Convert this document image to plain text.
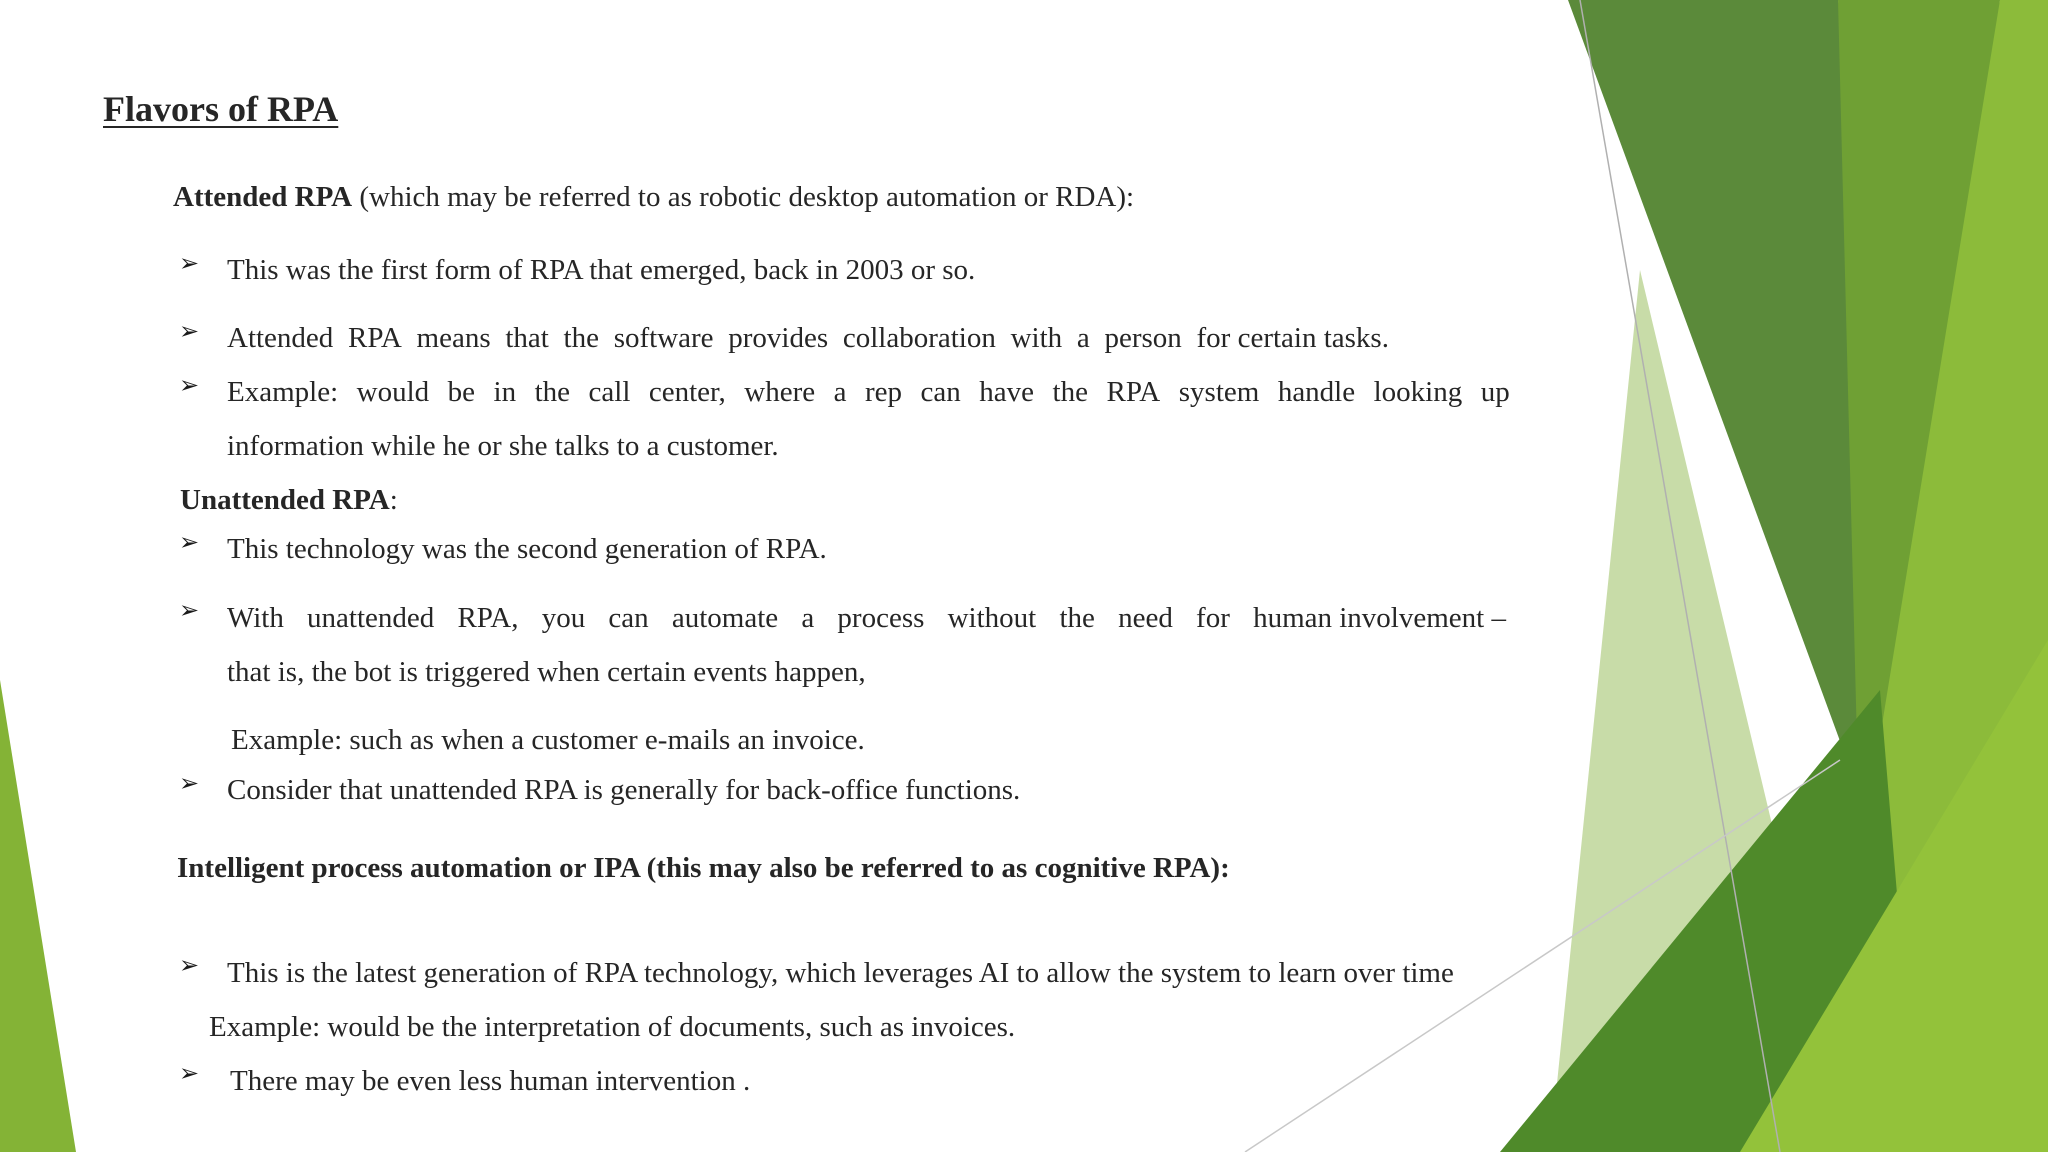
Flavors of RPA
Attended RPA (which may be referred to as robotic desktop automation or RDA):
➢ This was the first form of RPA that emerged, back in 2003 or so.
➢ Attended RPA means that the software provides collaboration with a person for certain tasks.
➢ Example: would be in the call center, where a rep can have the RPA system handle looking up
information while he or she talks to a customer.
Unattended RPA:
➢ This technology was the second generation of RPA.
➢ With unattended RPA, you can automate a process without the need for human involvement –
that is, the bot is triggered when certain events happen,
Example: such as when a customer e-mails an invoice.
➢ Consider that unattended RPA is generally for back-office functions.
Intelligent process automation or IPA (this may also be referred to as cognitive RPA):
➢ This is the latest generation of RPA technology, which leverages AI to allow the system to learn over time
Example: would be the interpretation of documents, such as invoices.
➢ There may be even less human intervention .
